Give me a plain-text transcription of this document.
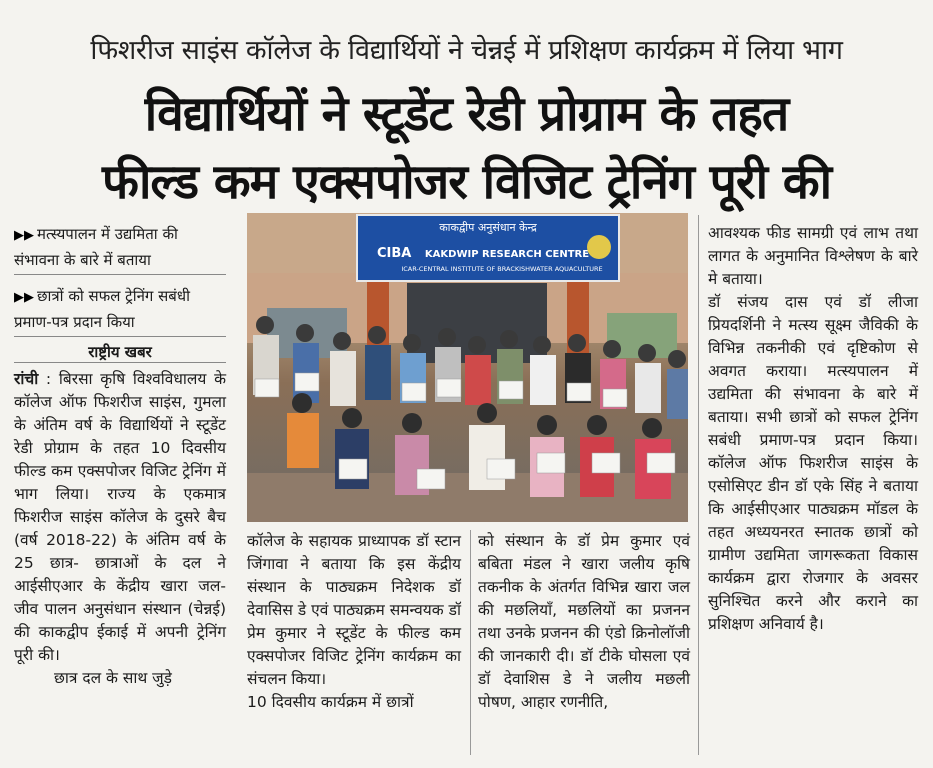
फिशरीज साइंस कॉलेज के विद्यार्थियों ने चेन्नई में प्रशिक्षण कार्यक्रम में लिया भाग
विद्यार्थियों ने स्टूडेंट रेडी प्रोग्राम के तहत
फील्ड कम एक्सपोजर विजिट ट्रेनिंग पूरी की
▶▶ मत्स्यपालन में उद्यमिता की संभावना के बारे में बताया
▶▶ छात्रों को सफल ट्रेनिंग सबंधी प्रमाण-पत्र प्रदान किया
राष्ट्रीय खबर

रांची : बिरसा कृषि विश्वविधालय के कॉलेज ऑफ फिशरीज साइंस, गुमला के अंतिम वर्ष के विद्यार्थियों ने स्टूडेंट रेडी प्रोग्राम के तहत 10 दिवसीय फील्ड कम एक्सपोजर विजिट ट्रेनिंग में भाग लिया। राज्य के एकमात्र फिशरीज साइंस कॉलेज के दुसरे बैच (वर्ष 2018-22) के अंतिम वर्ष के 25 छात्र- छात्राओं के दल ने आईसीएआर के केंद्रीय खारा जल- जीव पालन अनुसंधान संस्थान (चेन्नई) की काकद्वीप ईकाई में अपनी ट्रेनिंग पूरी की।

छात्र दल के साथ जुड़े

काकद्वीप अनुसंधान केन्द्र
CIBA KAKDWIP RESEARCH CENTRE
ICAR-CENTRAL INSTITUTE OF BRACKISHWATER AQUACULTURE

कॉलेज के सहायक प्राध्यापक डॉ स्टान जिंगावा ने बताया कि इस केंद्रीय संस्थान के पाठ्यक्रम निदेशक डॉ देवासिस डे एवं पाठ्यक्रम समन्वयक डॉ प्रेम कुमार ने स्टूडेंट के फील्ड कम एक्सपोजर विजिट ट्रेनिंग कार्यक्रम का संचलन किया।

10 दिवसीय कार्यक्रम में छात्रों

को संस्थान के डॉ प्रेम कुमार एवं बबिता मंडल ने खारा जलीय कृषि तकनीक के अंतर्गत विभिन्न खारा जल की मछलियाँ, मछलियों का प्रजनन तथा उनके प्रजनन की एंडो क्रिनोलॉजी की जानकारी दी। डॉ टीके घोसला एवं डॉ देवाशिस डे ने जलीय मछली पोषण, आहार रणनीति,

आवश्यक फीड सामग्री एवं लाभ तथा लागत के अनुमानित विश्लेषण के बारे मे बताया।

डॉ संजय दास एवं डॉ लीजा प्रियदर्शिनी ने मत्स्य सूक्ष्म जैविकी के विभिन्न तकनीकी एवं दृष्टिकोण से अवगत कराया। मत्स्यपालन में उद्यमिता की संभावना के बारे में बताया। सभी छात्रों को सफल ट्रेनिंग सबंधी प्रमाण-पत्र प्रदान किया। कॉलेज ऑफ फिशरीज साइंस के एसोसिएट डीन डॉ एके सिंह ने बताया कि आईसीएआर पाठ्यक्रम मॉडल के तहत अध्ययनरत स्नातक छात्रों को ग्रामीण उद्यमिता जागरूकता विकास कार्यक्रम द्वारा रोजगार के अवसर सुनिश्चित करने और कराने का प्रशिक्षण अनिवार्य है।
